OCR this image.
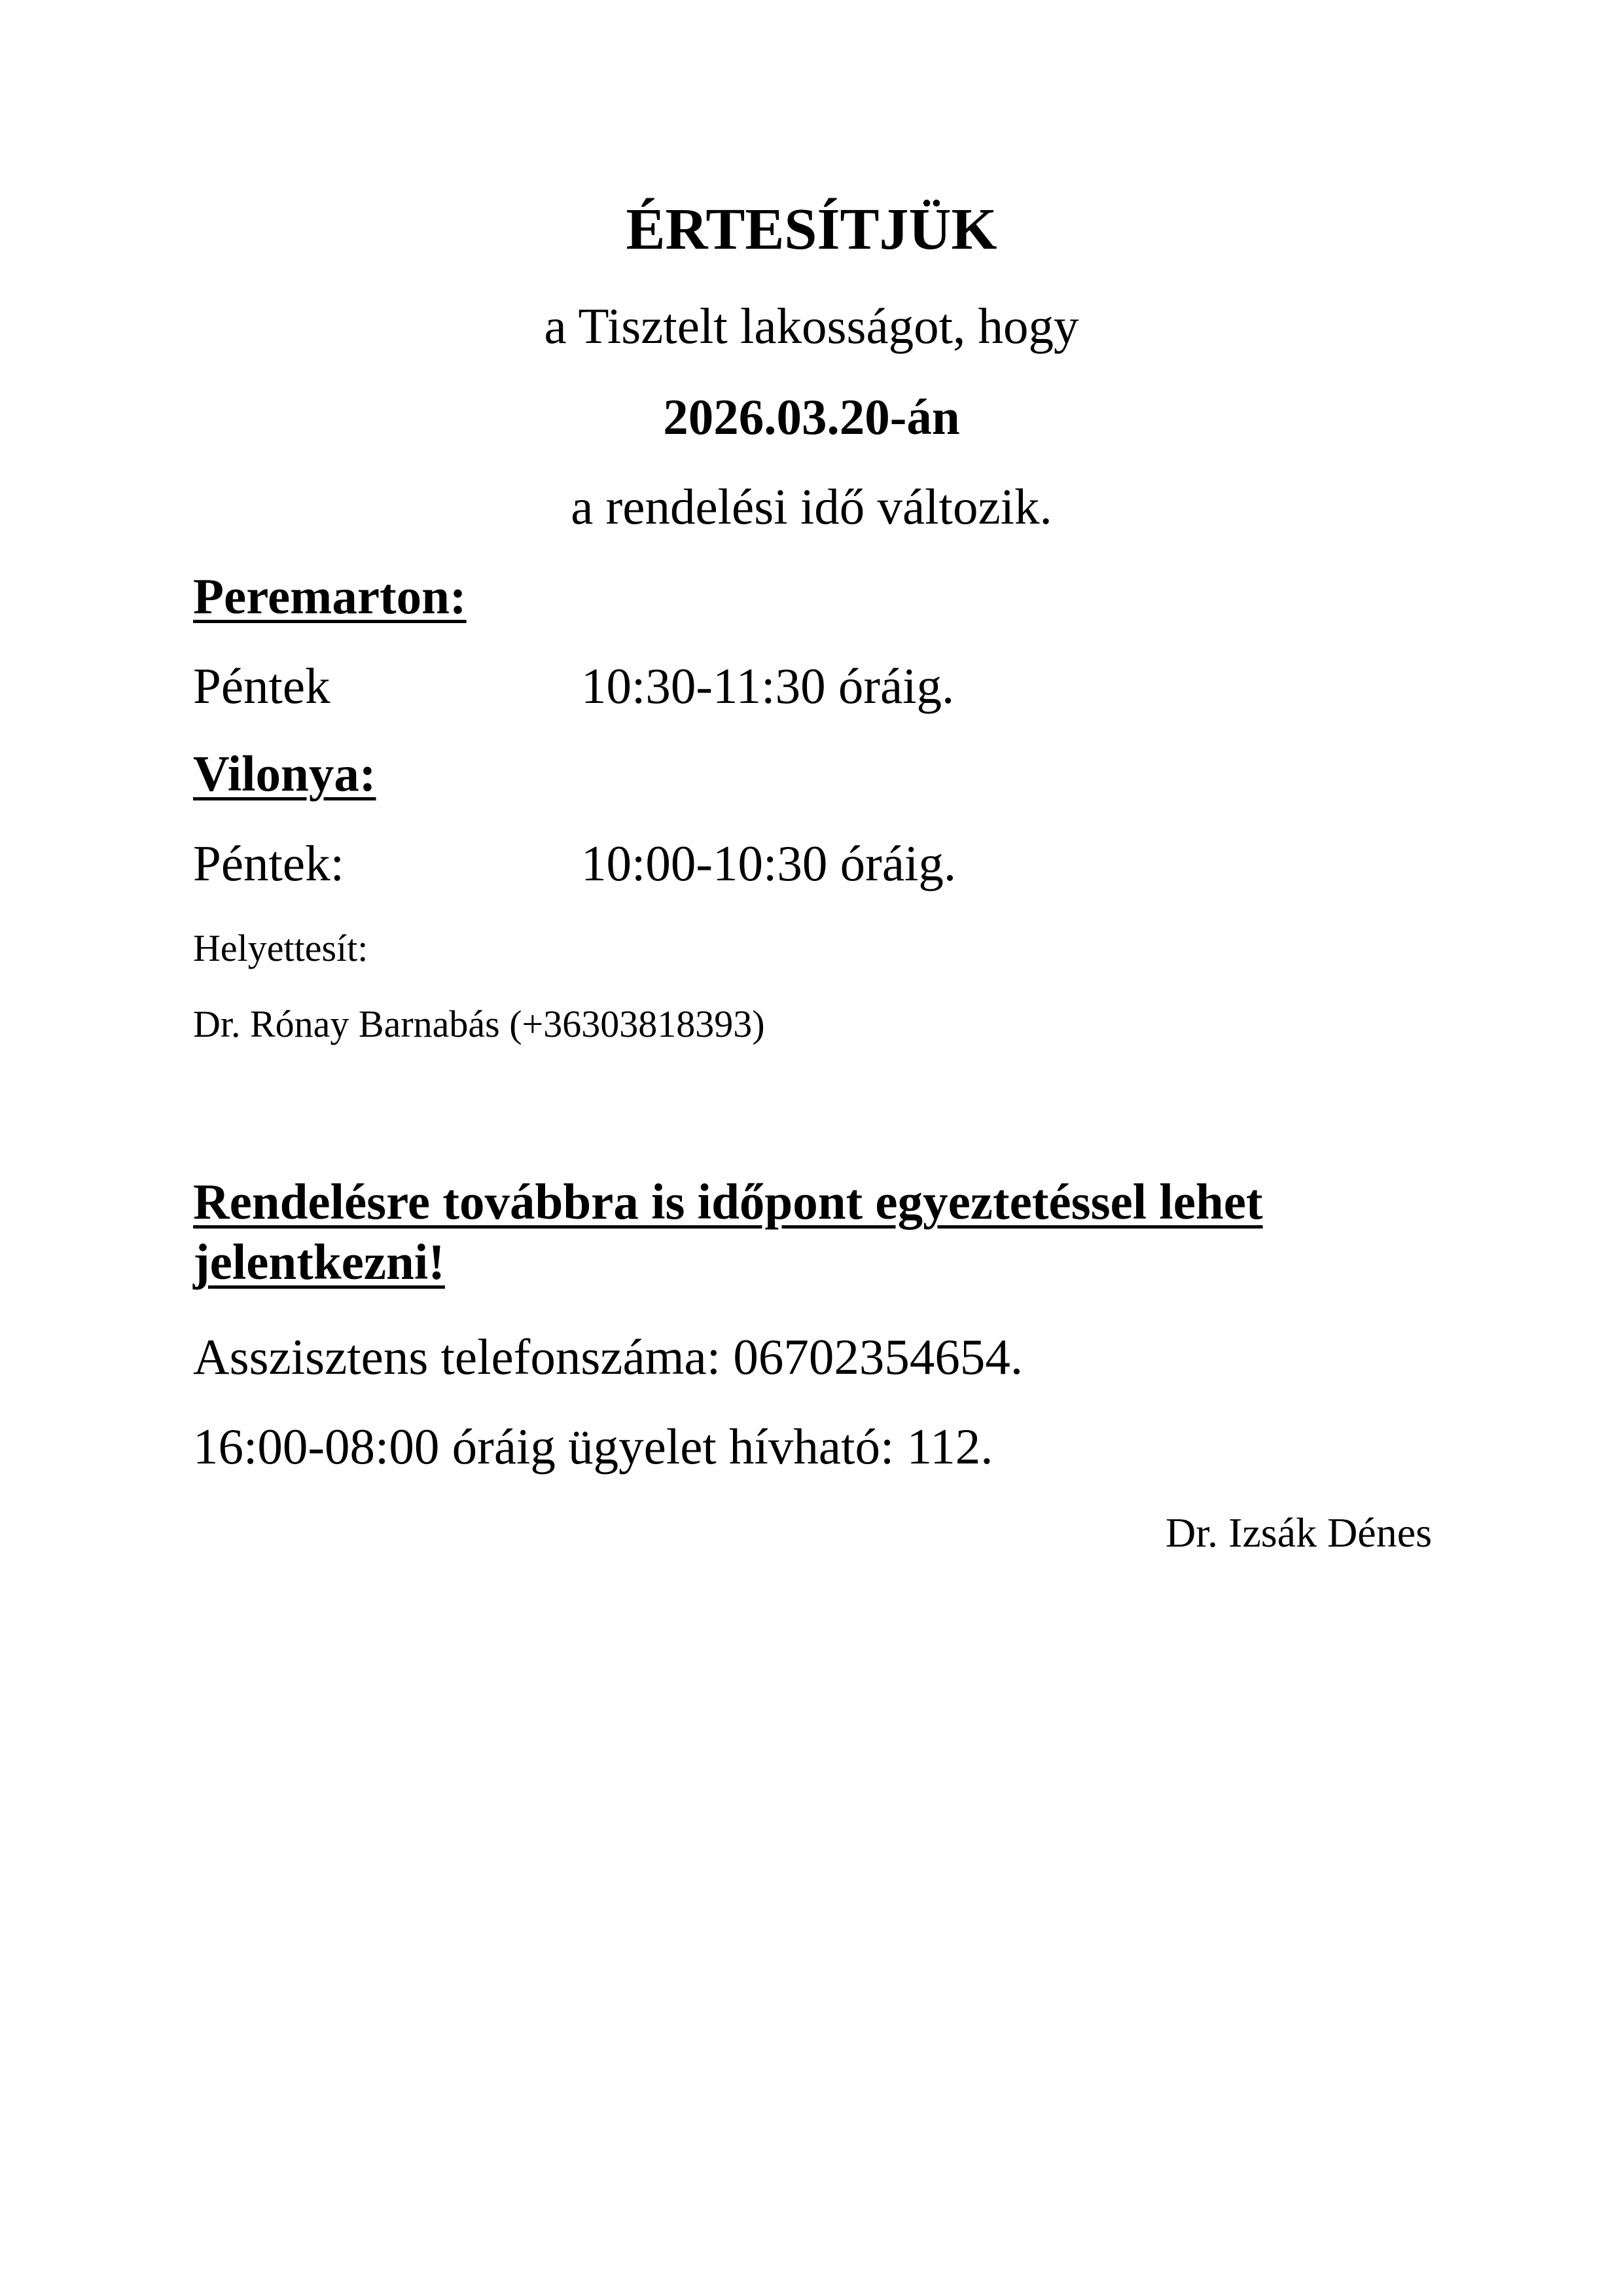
ÉRTESÍTJÜK
a Tisztelt lakosságot, hogy
2026.03.20-án
a rendelési idő változik.
Peremarton:
Péntek	10:30-11:30 óráig.
Vilonya:
Péntek:	10:00-10:30 óráig.
Helyettesít:
Dr. Rónay Barnabás (+36303818393)
Rendelésre továbbra is időpont egyeztetéssel lehet jelentkezni!
Asszisztens telefonszáma: 06702354654.
16:00-08:00 óráig ügyelet hívható: 112.
Dr. Izsák Dénes
